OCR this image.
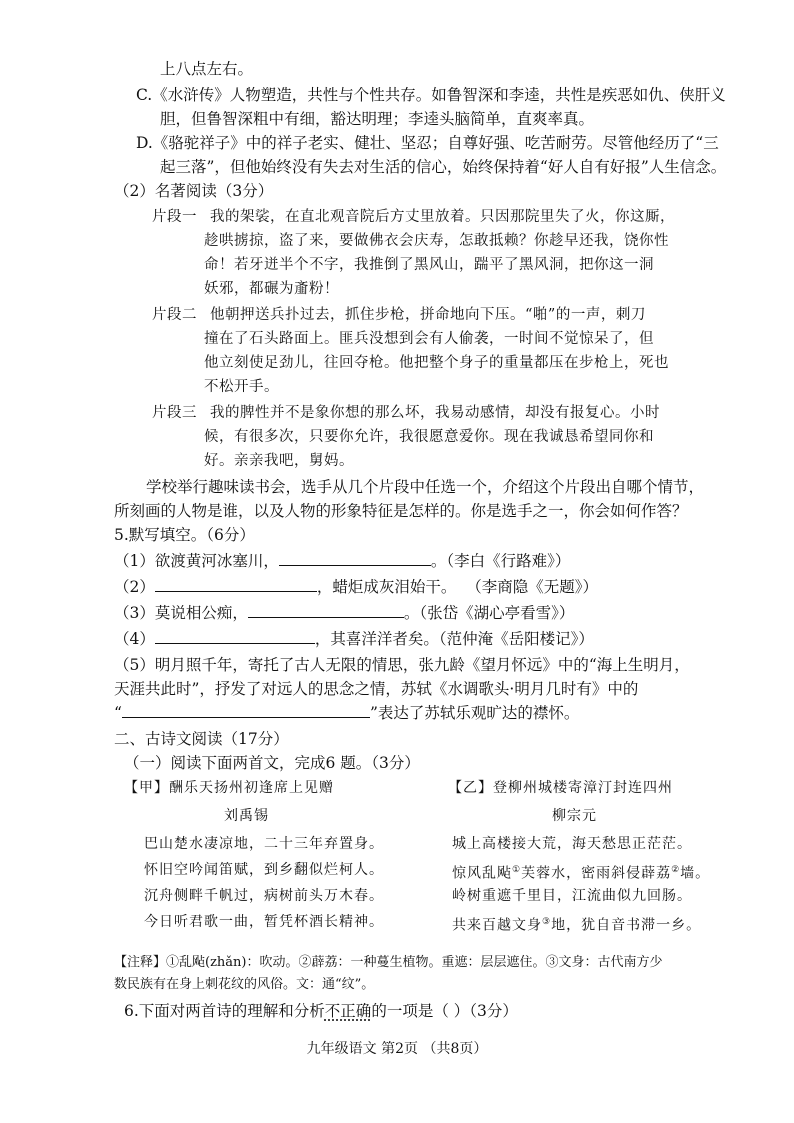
上八点左右。
C.《水浒传》人物塑造，共性与个性共存。如鲁智深和李逵，共性是疾恶如仇、侠肝义
胆，但鲁智深粗中有细，豁达明理；李逵头脑简单，直爽率真。
D.《骆驼祥子》中的祥子老实、健壮、坚忍；自尊好强、吃苦耐劳。尽管他经历了“三
起三落”，但他始终没有失去对生活的信心，始终保持着“好人自有好报”人生信念。
（2）名著阅读（3分）
片段一 我的架裟，在直北观音院后方丈里放着。只因那院里失了火，你这厮，
趁哄掳掠，盗了来，要做佛衣会庆寿，怎敢抵赖？你趁早还我，饶你性
命！若牙迸半个不字，我推倒了黑风山，踹平了黑风洞，把你这一洞
妖邪，都碾为齑粉！
片段二 他朝押送兵扑过去，抓住步枪，拼命地向下压。“啪”的一声，刺刀
撞在了石头路面上。匪兵没想到会有人偷袭，一时间不觉惊呆了，但
他立刻使足劲儿，往回夺枪。他把整个身子的重量都压在步枪上，死也
不松开手。
片段三 我的脾性并不是象你想的那么坏，我易动感情，却没有报复心。小时
候，有很多次，只要你允许，我很愿意爱你。现在我诚恳希望同你和
好。亲亲我吧，舅妈。
学校举行趣味读书会，选手从几个片段中任选一个，介绍这个片段出自哪个情节，
所刻画的人物是谁，以及人物的形象特征是怎样的。你是选手之一，你会如何作答？
5.默写填空。（6分）
（1）欲渡黄河冰塞川，	。（李白《行路难》）
（2）	，蜡炬成灰泪始干。 （李商隐《无题》）
（3）莫说相公痴，	。（张岱《湖心亭看雪》）
（4）	，其喜洋洋者矣。（范仲淹《岳阳楼记》）
（5）明月照千年，寄托了古人无限的情思，张九龄《望月怀远》中的“海上生明月，
天涯共此时”，抒发了对远人的思念之情，苏轼《水调歌头·明月几时有》中的
“	”表达了苏轼乐观旷达的襟怀。
二、古诗文阅读（17分）
（一）阅读下面两首文，完成6 题。（3分）
【甲】酬乐天扬州初逢席上见赠
刘禹锡
巴山楚水凄凉地，二十三年弃置身。
怀旧空吟闻笛赋，到乡翻似烂柯人。
沉舟侧畔千帆过，病树前头万木春。
今日听君歌一曲，暂凭杯酒长精神。
【乙】登柳州城楼寄漳汀封连四州
柳宗元
城上高楼接大荒，海天愁思正茫茫。
惊风乱飐①芙蓉水，密雨斜侵薜荔②墙。
岭树重遮千里目，江流曲似九回肠。
共来百越文身③地，犹自音书滞一乡。
【注释】①乱飐(zhǎn)：吹动。②薜荔：一种蔓生植物。重遮：层层遮住。③文身：古代南方少
数民族有在身上刺花纹的风俗。文：通“纹”。
6.下面对两首诗的理解和分析不正确的一项是（ ）（3分）
九年级语文 第2页 （共8页）
